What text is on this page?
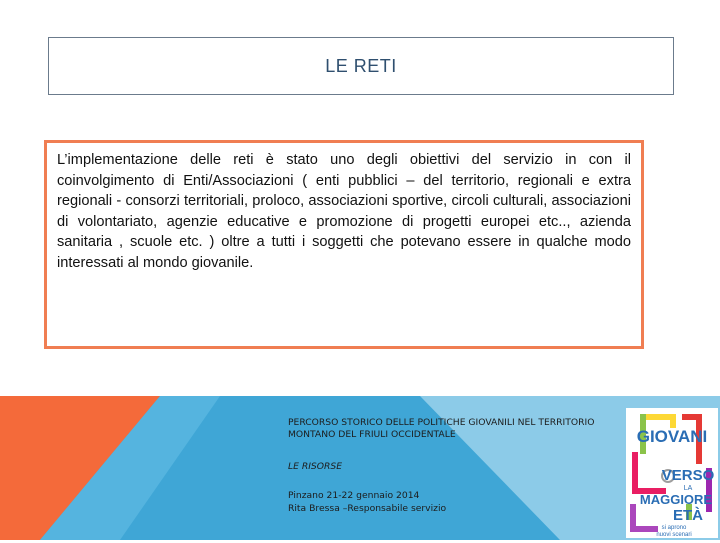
LE RETI

L’implementazione delle reti è stato uno degli obiettivi del servizio in con il coinvolgimento di Enti/Associazioni ( enti pubblici – del territorio, regionali e extra regionali - consorzi territoriali, proloco, associazioni sportive, circoli culturali, associazioni di volontariato, agenzie educative e promozione di progetti europei etc.., azienda sanitaria , scuole etc. ) oltre a tutti i soggetti che potevano essere in qualche modo interessati al mondo giovanile.

PERCORSO STORICO DELLE POLITICHE GIOVANILI NEL TERRITORIO MONTANO DEL FRIULI OCCIDENTALE

LE RISORSE

Pinzano 21-22 gennaio 2014

Rita Bressa –Responsabile servizio

GIOVANI
VERSO
LA
MAGGIORE
ETÀ
si aprono
nuovi scenari
